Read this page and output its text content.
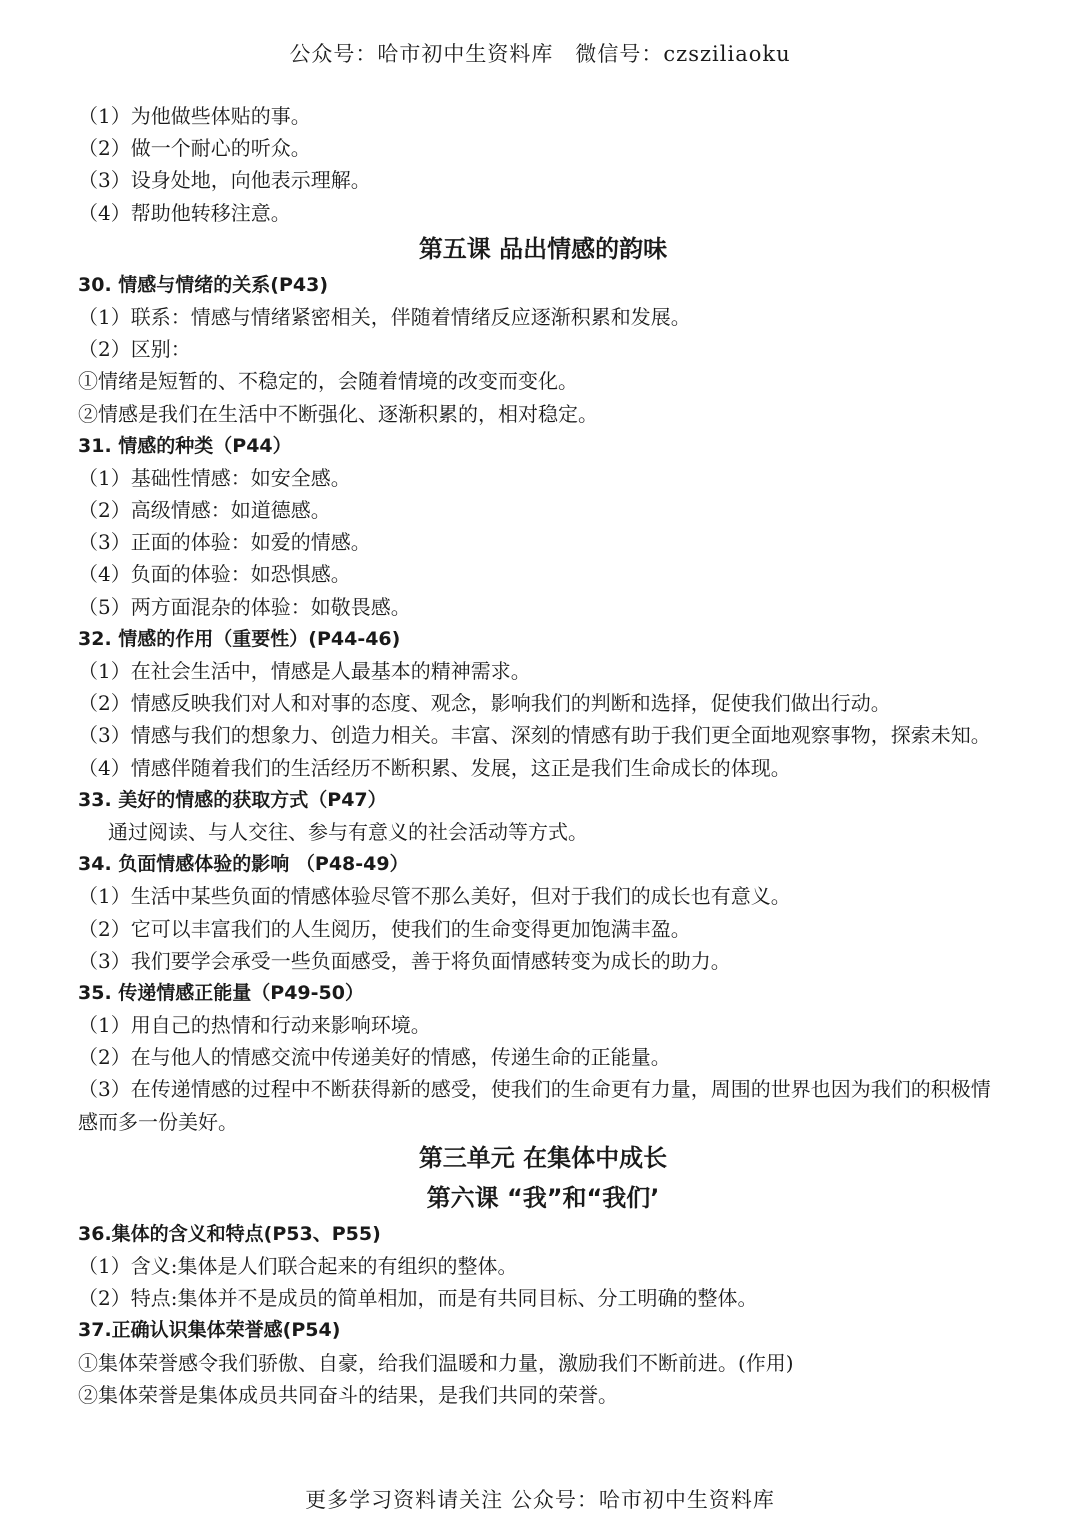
公众号：哈市初中生资料库　微信号：czsziliaoku
（1）为他做些体贴的事。
（2）做一个耐心的听众。
（3）设身处地，向他表示理解。
（4）帮助他转移注意。
第五课 品出情感的韵味
30. 情感与情绪的关系(P43)
（1）联系：情感与情绪紧密相关，伴随着情绪反应逐渐积累和发展。
（2）区别：
①情绪是短暂的、不稳定的，会随着情境的改变而变化。
②情感是我们在生活中不断强化、逐渐积累的，相对稳定。
31. 情感的种类（P44）
（1）基础性情感：如安全感。
（2）高级情感：如道德感。
（3）正面的体验：如爱的情感。
（4）负面的体验：如恐惧感。
（5）两方面混杂的体验：如敬畏感。
32. 情感的作用（重要性）(P44-46)
（1）在社会生活中，情感是人最基本的精神需求。
（2）情感反映我们对人和对事的态度、观念，影响我们的判断和选择，促使我们做出行动。
（3）情感与我们的想象力、创造力相关。丰富、深刻的情感有助于我们更全面地观察事物，探索未知。
（4）情感伴随着我们的生活经历不断积累、发展，这正是我们生命成长的体现。
33. 美好的情感的获取方式（P47）
通过阅读、与人交往、参与有意义的社会活动等方式。
34. 负面情感体验的影响 （P48-49）
（1）生活中某些负面的情感体验尽管不那么美好，但对于我们的成长也有意义。
（2）它可以丰富我们的人生阅历，使我们的生命变得更加饱满丰盈。
（3）我们要学会承受一些负面感受，善于将负面情感转变为成长的助力。
35. 传递情感正能量（P49-50）
（1）用自己的热情和行动来影响环境。
（2）在与他人的情感交流中传递美好的情感，传递生命的正能量。
（3）在传递情感的过程中不断获得新的感受，使我们的生命更有力量，周围的世界也因为我们的积极情感而多一份美好。
第三单元 在集体中成长
第六课 “我”和“我们’
36.集体的含义和特点(P53、P55)
（1）含义:集体是人们联合起来的有组织的整体。
（2）特点:集体并不是成员的简单相加，而是有共同目标、分工明确的整体。
37.正确认识集体荣誉感(P54)
①集体荣誉感令我们骄傲、自豪，给我们温暖和力量，激励我们不断前进。(作用)
②集体荣誉是集体成员共同奋斗的结果，是我们共同的荣誉。
更多学习资料请关注 公众号：哈市初中生资料库
